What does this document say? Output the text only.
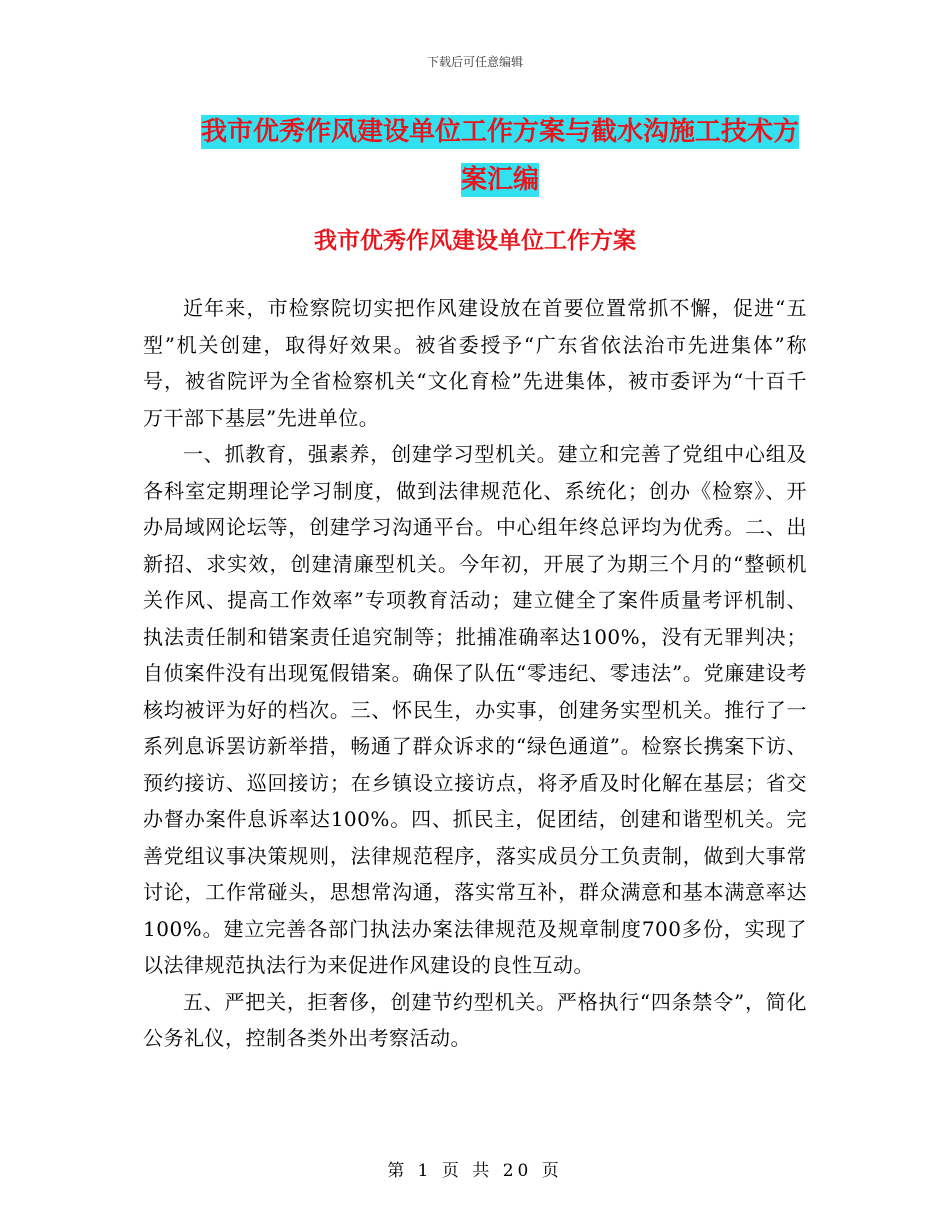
下载后可任意编辑
我市优秀作风建设单位工作方案与截水沟施工技术方
案汇编
我市优秀作风建设单位工作方案

近年来，市检察院切实把作风建设放在首要位置常抓不懈，促进“五型”机关创建，取得好效果。被省委授予“广东省依法治市先进集体”称号，被省院评为全省检察机关“文化育检”先进集体，被市委评为“十百千万干部下基层”先进单位。

一、抓教育，强素养，创建学习型机关。建立和完善了党组中心组及各科室定期理论学习制度，做到法律规范化、系统化；创办《检察》、开办局域网论坛等，创建学习沟通平台。中心组年终总评均为优秀。二、出新招、求实效，创建清廉型机关。今年初，开展了为期三个月的“整顿机关作风、提高工作效率”专项教育活动；建立健全了案件质量考评机制、执法责任制和错案责任追究制等；批捕准确率达100%，没有无罪判决；自侦案件没有出现冤假错案。确保了队伍“零违纪、零违法”。党廉建设考核均被评为好的档次。三、怀民生，办实事，创建务实型机关。推行了一系列息诉罢访新举措，畅通了群众诉求的“绿色通道”。检察长携案下访、预约接访、巡回接访；在乡镇设立接访点，将矛盾及时化解在基层；省交办督办案件息诉率达100%。四、抓民主，促团结，创建和谐型机关。完善党组议事决策规则，法律规范程序，落实成员分工负责制，做到大事常讨论，工作常碰头，思想常沟通，落实常互补，群众满意和基本满意率达100%。建立完善各部门执法办案法律规范及规章制度700多份，实现了以法律规范执法行为来促进作风建设的良性互动。

五、严把关，拒奢侈，创建节约型机关。严格执行“四条禁令”，简化公务礼仪，控制各类外出考察活动。

第 1 页 共 20 页
